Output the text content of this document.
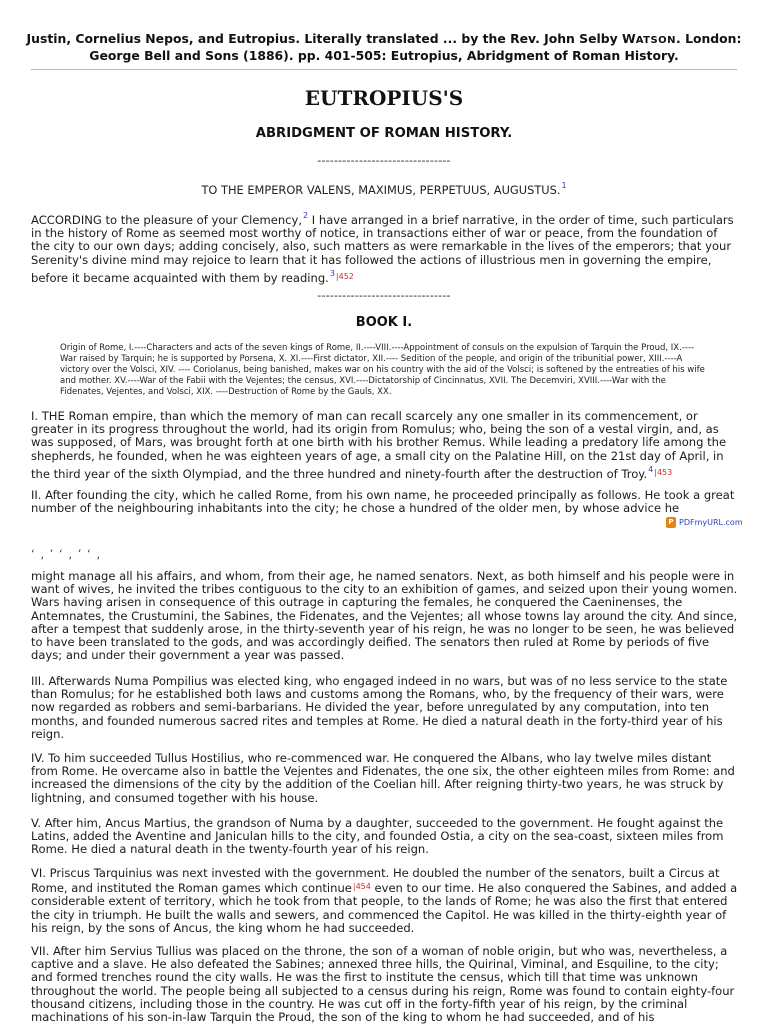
Justin, Cornelius Nepos, and Eutropius. Literally translated ... by the Rev. John Selby WATSON. London: George Bell and Sons (1886). pp. 401-505: Eutropius, Abridgment of Roman History.
EUTROPIUS'S
ABRIDGMENT OF ROMAN HISTORY.
--------------------------------
TO THE EMPEROR VALENS, MAXIMUS, PERPETUUS, AUGUSTUS.$^1$

ACCORDING to the pleasure of your Clemency,$^2$ I have arranged in a brief narrative, in the order of time, such particulars in the history of Rome as seemed most worthy of notice, in transactions either of war or peace, from the foundation of the city to our own days; adding concisely, also, such matters as were remarkable in the lives of the emperors; that your Serenity's divine mind may rejoice to learn that it has followed the actions of illustrious men in governing the empire, before it became acquainted with them by reading.$^{3|452}$

--------------------------------
BOOK I.

Origin of Rome, I.----Characters and acts of the seven kings of Rome, II.----VIII.----Appointment of consuls on the expulsion of Tarquin the Proud, IX.----War raised by Tarquin; he is supported by Porsena, X. XI.----First dictator, XII.---- Sedition of the people, and origin of the tribunitial power, XIII.----A victory over the Volsci, XIV. ---- Coriolanus, being banished, makes war on his country with the aid of the Volsci; is softened by the entreaties of his wife and mother. XV.----War of the Fabii with the Vejentes; the census, XVI.----Dictatorship of Cincinnatus, XVII. The Decemviri, XVIII.----War with the Fidenates, Vejentes, and Volsci, XIX. ----Destruction of Rome by the Gauls, XX.

I. THE Roman empire, than which the memory of man can recall scarcely any one smaller in its commencement, or greater in its progress throughout the world, had its origin from Romulus; who, being the son of a vestal virgin, and, as was supposed, of Mars, was brought forth at one birth with his brother Remus. While leading a predatory life among the shepherds, he founded, when he was eighteen years of age, a small city on the Palatine Hill, on the 21st day of April, in the third year of the sixth Olympiad, and the three hundred and ninety-fourth after the destruction of Troy.$^{4|453}$

II. After founding the city, which he called Rome, from his own name, he proceeded principally as follows. He took a great number of the neighbouring inhabitants into the city; he chose a hundred of the older men, by whose advice he

P PDFmyURL.com
‘ ‚ ’ ‘ ‚ ’ ‘ ‚

might manage all his affairs, and whom, from their age, he named senators. Next, as both himself and his people were in want of wives, he invited the tribes contiguous to the city to an exhibition of games, and seized upon their young women. Wars having arisen in consequence of this outrage in capturing the females, he conquered the Caeninenses, the Antemnates, the Crustumini, the Sabines, the Fidenates, and the Vejentes; all whose towns lay around the city. And since, after a tempest that suddenly arose, in the thirty-seventh year of his reign, he was no longer to be seen, he was believed to have been translated to the gods, and was accordingly deified. The senators then ruled at Rome by periods of five days; and under their government a year was passed.

III. Afterwards Numa Pompilius was elected king, who engaged indeed in no wars, but was of no less service to the state than Romulus; for he established both laws and customs among the Romans, who, by the frequency of their wars, were now regarded as robbers and semi-barbarians. He divided the year, before unregulated by any computation, into ten months, and founded numerous sacred rites and temples at Rome. He died a natural death in the forty-third year of his reign.

IV. To him succeeded Tullus Hostilius, who re-commenced war. He conquered the Albans, who lay twelve miles distant from Rome. He overcame also in battle the Vejentes and Fidenates, the one six, the other eighteen miles from Rome: and increased the dimensions of the city by the addition of the Coelian hill. After reigning thirty-two years, he was struck by lightning, and consumed together with his house.

V. After him, Ancus Martius, the grandson of Numa by a daughter, succeeded to the government. He fought against the Latins, added the Aventine and Janiculan hills to the city, and founded Ostia, a city on the sea-coast, sixteen miles from Rome. He died a natural death in the twenty-fourth year of his reign.

VI. Priscus Tarquinius was next invested with the government. He doubled the number of the senators, built a Circus at Rome, and instituted the Roman games which continue$^{|454}$ even to our time. He also conquered the Sabines, and added a considerable extent of territory, which he took from that people, to the lands of Rome; he was also the first that entered the city in triumph. He built the walls and sewers, and commenced the Capitol. He was killed in the thirty-eighth year of his reign, by the sons of Ancus, the king whom he had succeeded.

VII. After him Servius Tullius was placed on the throne, the son of a woman of noble origin, but who was, nevertheless, a captive and a slave. He also defeated the Sabines; annexed three hills, the Quirinal, Viminal, and Esquiline, to the city; and formed trenches round the city walls. He was the first to institute the census, which till that time was unknown throughout the world. The people being all subjected to a census during his reign, Rome was found to contain eighty-four thousand citizens, including those in the country. He was cut off in the forty-fifth year of his reign, by the criminal machinations of his son-in-law Tarquin the Proud, the son of the king to whom he had succeeded, and of his
